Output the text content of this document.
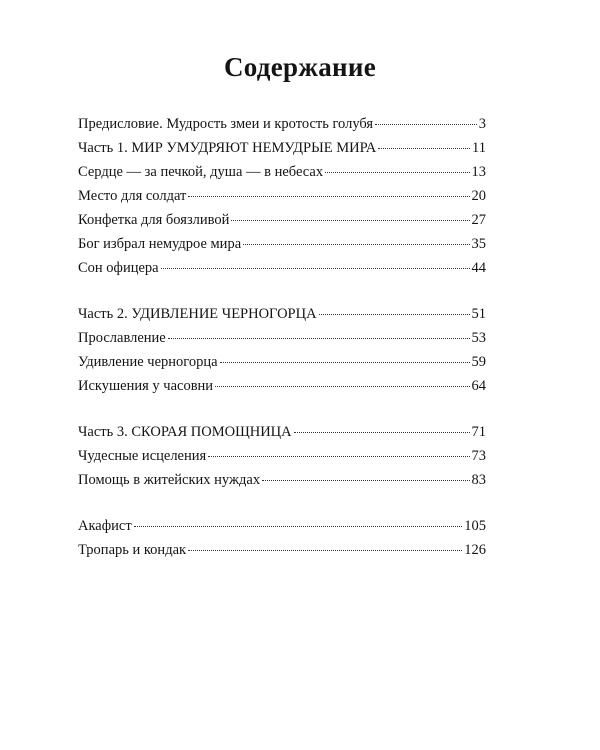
Содержание
Предисловие. Мудрость змеи и кротость голубя	3
Часть 1. МИР УМУДРЯЮТ НЕМУДРЫЕ МИРА	11
Сердце — за печкой, душа — в небесах	13
Место для солдат	20
Конфетка для боязливой	27
Бог избрал немудрое мира	35
Сон офицера	44
Часть 2. УДИВЛЕНИЕ ЧЕРНОГОРЦА	51
Прославление	53
Удивление черногорца	59
Искушения у часовни	64
Часть 3. СКОРАЯ ПОМОЩНИЦА	71
Чудесные исцеления	73
Помощь в житейских нуждах	83
Акафист	105
Тропарь и кондак	126
